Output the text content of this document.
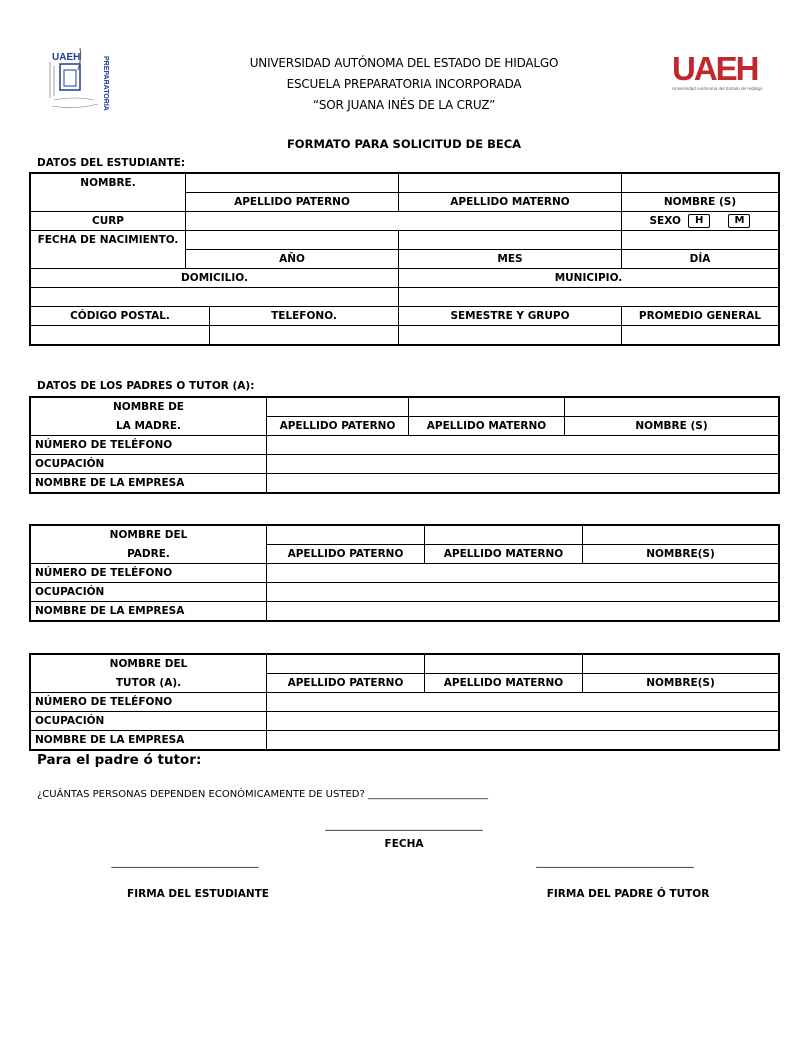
UAEH	PREPARATORIA	UAEH
Universidad Autónoma del Estado de Hidalgo
UNIVERSIDAD AUTÓNOMA DEL ESTADO DE HIDALGO
ESCUELA PREPARATORIA INCORPORADA
“SOR JUANA INÉS DE LA CRUZ”
FORMATO PARA SOLICITUD DE BECA
DATOS DEL ESTUDIANTE:
NOMBRE.				
	APELLIDO PATERNO		APELLIDO MATERNO	NOMBRE (S)
CURP				SEXO H M
FECHA DE NACIMIENTO.				
	AÑO		MES	DÍA
DOMICILIO.			MUNICIPIO.	

CÓDIGO POSTAL.		TELEFONO.	SEMESTRE Y GRUPO	PROMEDIO GENERAL

DATOS DE LOS PADRES O TUTOR (A):
NOMBRE DE			
LA MADRE.	APELLIDO PATERNO	APELLIDO MATERNO	NOMBRE (S)
NÚMERO DE TELÉFONO			
OCUPACIÓN			
NOMBRE DE LA EMPRESA			
NOMBRE DEL			
PADRE.	APELLIDO PATERNO	APELLIDO MATERNO	NOMBRE(S)
NÚMERO DE TELÉFONO			
OCUPACIÓN			
NOMBRE DE LA EMPRESA			
NOMBRE DEL			
TUTOR (A).	APELLIDO PATERNO	APELLIDO MATERNO	NOMBRE(S)
NÚMERO DE TELÉFONO			
OCUPACIÓN			
NOMBRE DE LA EMPRESA			
Para el padre ó tutor:
¿CUÁNTAS PERSONAS DEPENDEN ECONÓMICAMENTE DE USTED? ________________________
______________________________
FECHA
____________________________	______________________________
FIRMA DEL ESTUDIANTE	FIRMA DEL PADRE Ó TUTOR
